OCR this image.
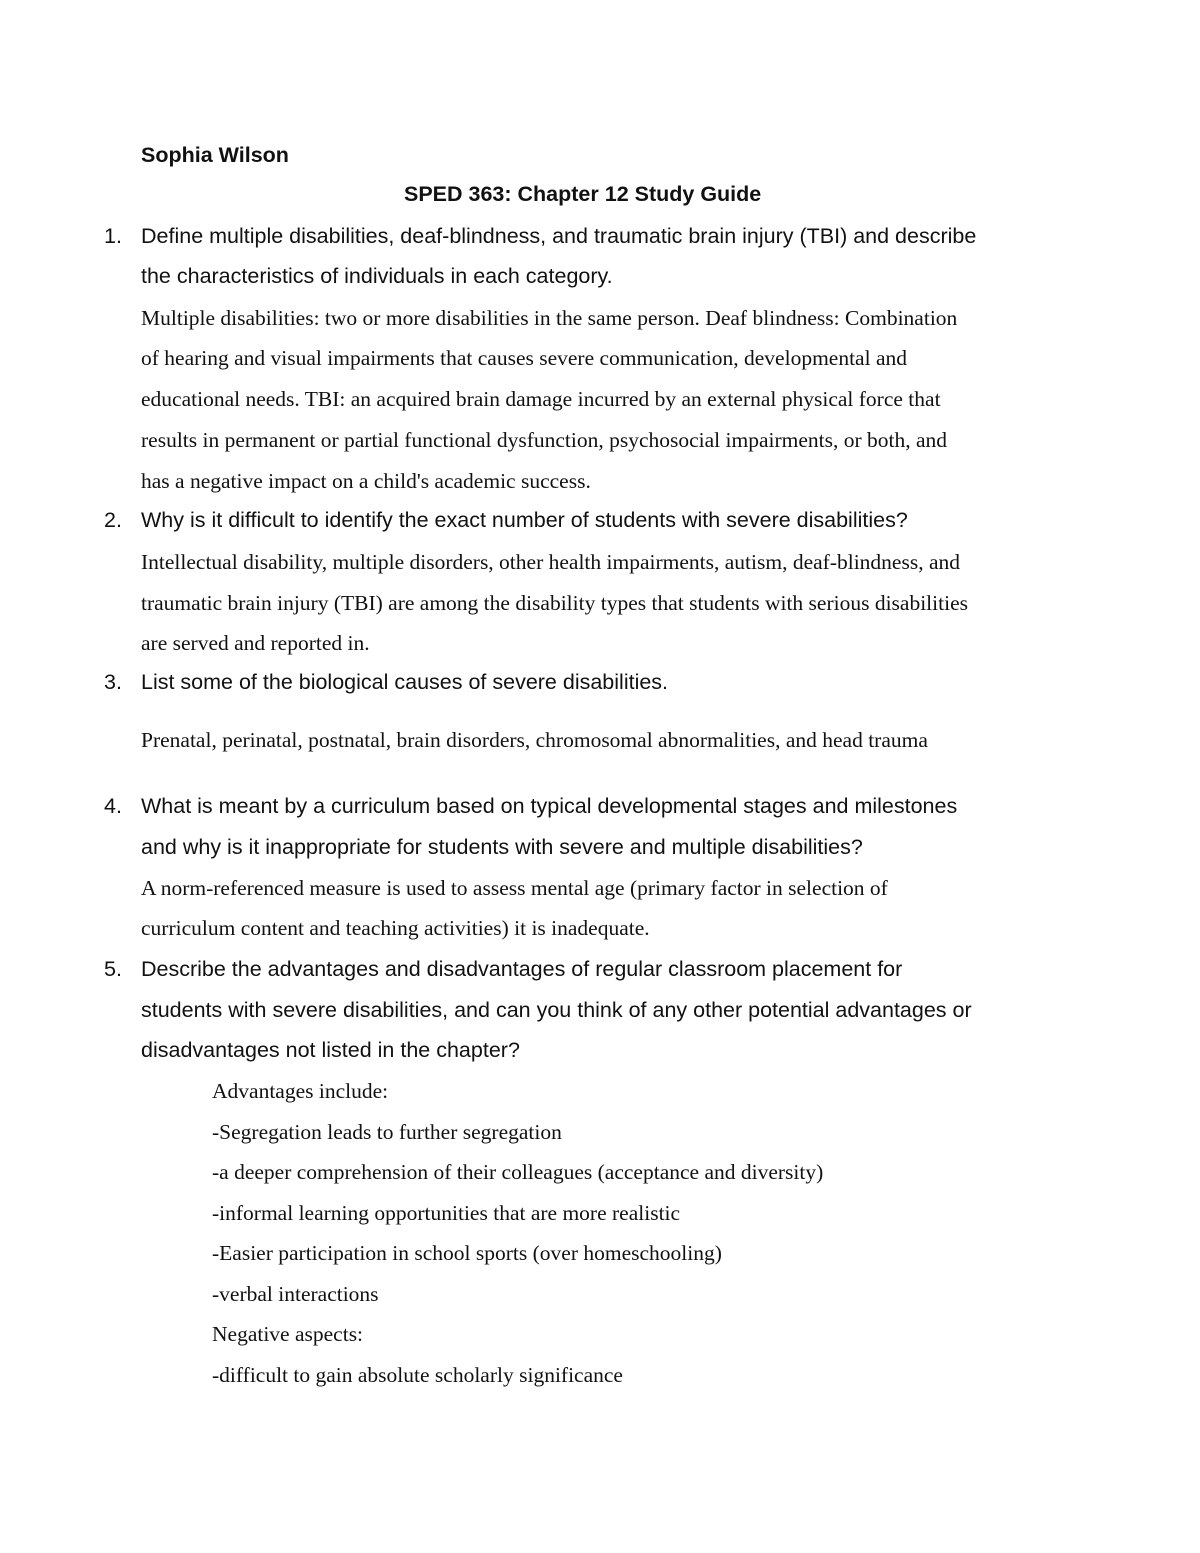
Sophia Wilson
SPED 363: Chapter 12 Study Guide
1. Define multiple disabilities, deaf-blindness, and traumatic brain injury (TBI) and describe
the characteristics of individuals in each category.
Multiple disabilities: two or more disabilities in the same person. Deaf blindness: Combination
of hearing and visual impairments that causes severe communication, developmental and
educational needs. TBI: an acquired brain damage incurred by an external physical force that
results in permanent or partial functional dysfunction, psychosocial impairments, or both, and
has a negative impact on a child's academic success.
2. Why is it difficult to identify the exact number of students with severe disabilities?
Intellectual disability, multiple disorders, other health impairments, autism, deaf-blindness, and
traumatic brain injury (TBI) are among the disability types that students with serious disabilities
are served and reported in.
3. List some of the biological causes of severe disabilities.
Prenatal, perinatal, postnatal, brain disorders, chromosomal abnormalities, and head trauma
4. What is meant by a curriculum based on typical developmental stages and milestones
and why is it inappropriate for students with severe and multiple disabilities?
A norm-referenced measure is used to assess mental age (primary factor in selection of
curriculum content and teaching activities) it is inadequate.
5. Describe the advantages and disadvantages of regular classroom placement for
students with severe disabilities, and can you think of any other potential advantages or
disadvantages not listed in the chapter?
Advantages include:
-Segregation leads to further segregation
-a deeper comprehension of their colleagues (acceptance and diversity)
-informal learning opportunities that are more realistic
-Easier participation in school sports (over homeschooling)
-verbal interactions
Negative aspects:
-difficult to gain absolute scholarly significance
